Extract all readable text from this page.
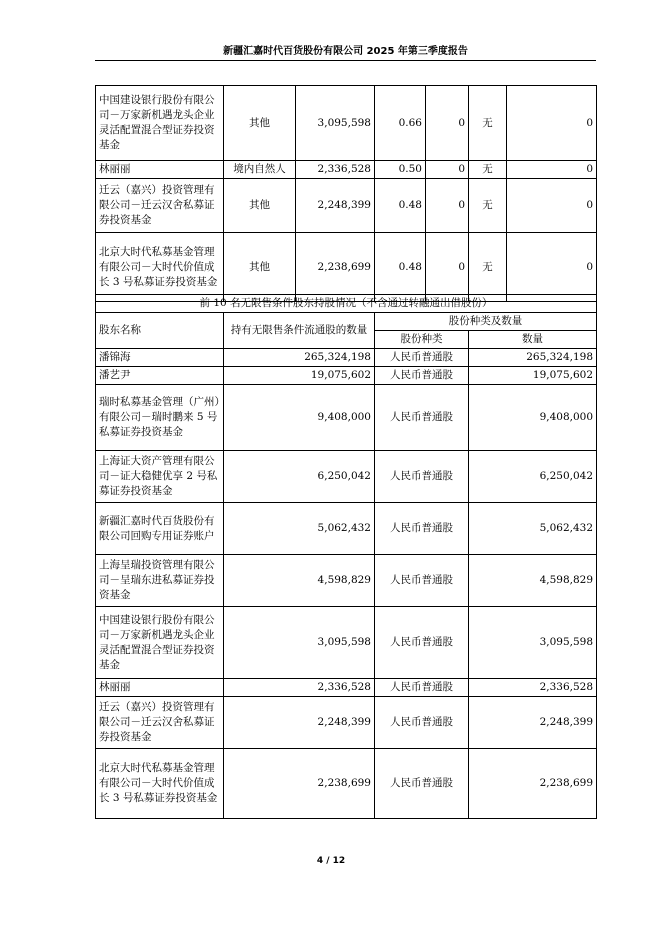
新疆汇嘉时代百货股份有限公司 2025 年第三季度报告
中国建设银行股份有限公司－万家新机遇龙头企业灵活配置混合型证券投资基金	其他	3,095,598	0.66	0	无	0
林丽丽	境内自然人	2,336,528	0.50	0	无	0
迁云（嘉兴）投资管理有限公司－迁云汉舍私募证券投资基金	其他	2,248,399	0.48	0	无	0
北京大时代私募基金管理有限公司－大时代价值成长 3 号私募证券投资基金	其他	2,238,699	0.48	0	无	0
前 10 名无限售条件股东持股情况（不含通过转融通出借股份）			
股东名称	持有无限售条件流通股的数量	股份种类及数量	
		股份种类	数量
潘锦海	265,324,198	人民币普通股	265,324,198
潘艺尹	19,075,602	人民币普通股	19,075,602
瑞时私募基金管理（广州）有限公司－瑞时鹏来 5 号私募证券投资基金	9,408,000	人民币普通股	9,408,000
上海证大资产管理有限公司－证大稳健优享 2 号私募证券投资基金	6,250,042	人民币普通股	6,250,042
新疆汇嘉时代百货股份有限公司回购专用证券账户	5,062,432	人民币普通股	5,062,432
上海呈瑞投资管理有限公司－呈瑞东进私募证券投资基金	4,598,829	人民币普通股	4,598,829
中国建设银行股份有限公司－万家新机遇龙头企业灵活配置混合型证券投资基金	3,095,598	人民币普通股	3,095,598
林丽丽	2,336,528	人民币普通股	2,336,528
迁云（嘉兴）投资管理有限公司－迁云汉舍私募证券投资基金	2,248,399	人民币普通股	2,248,399
北京大时代私募基金管理有限公司－大时代价值成长 3 号私募证券投资基金	2,238,699	人民币普通股	2,238,699
4 / 12
